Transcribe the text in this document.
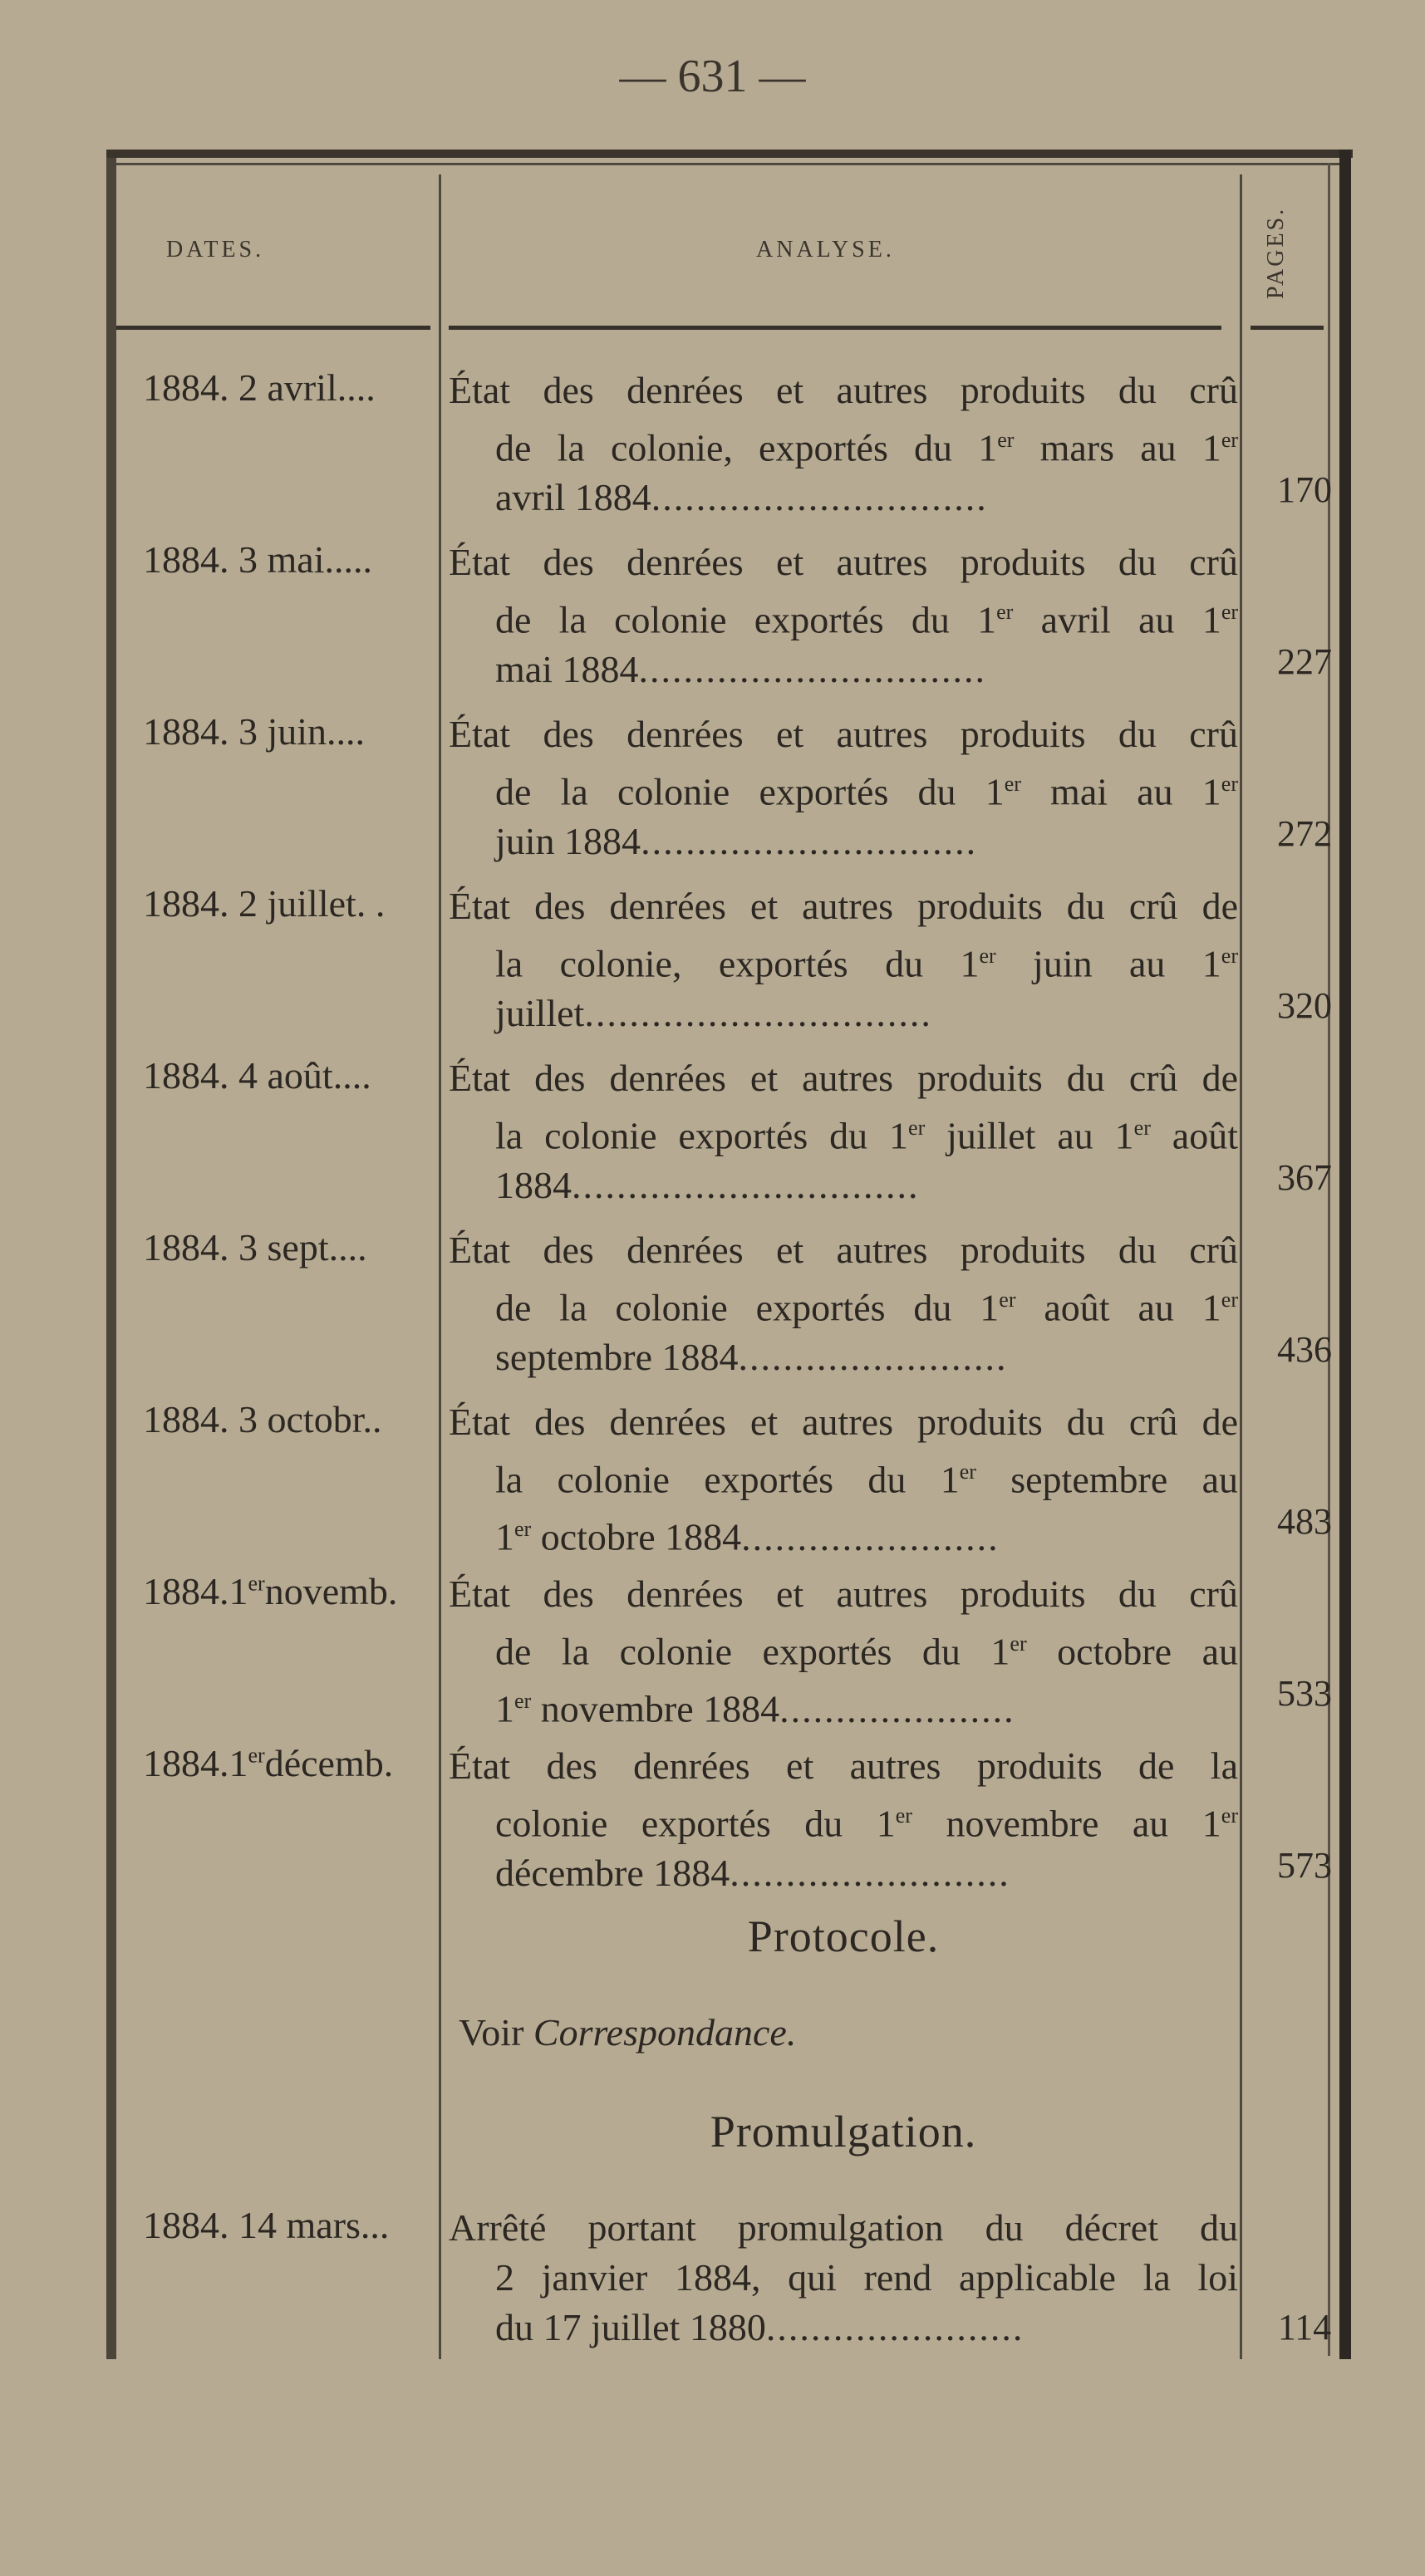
— 631 —
DATES.	ANALYSE.	PAGES.
1884. 2 avril.... État des denrées et autres produits du crû
de la colonie, exportés du 1er mars au 1er
avril 1884..............................	170
1884. 3 mai..... État des denrées et autres produits du crû
de la colonie exportés du 1er avril au 1er
mai 1884...............................	227
1884. 3 juin.... État des denrées et autres produits du crû
de la colonie exportés du 1er mai au 1er
juin 1884..............................	272
1884. 2 juillet. . État des denrées et autres produits du crû de
la colonie, exportés du 1er juin au 1er
juillet...............................	320
1884. 4 août.... État des denrées et autres produits du crû de
la colonie exportés du 1er juillet au 1er août
1884...............................	367
1884. 3 sept.... État des denrées et autres produits du crû
de la colonie exportés du 1er août au 1er
septembre 1884........................	436
1884. 3 octobr.. État des denrées et autres produits du crû de
la colonie exportés du 1er septembre au
1er octobre 1884.......................	483
1884.1ernovemb. État des denrées et autres produits du crû
de la colonie exportés du 1er octobre au
1er novembre 1884.....................	533
1884.1erdécemb. État des denrées et autres produits de la
colonie exportés du 1er novembre au 1er
décembre 1884.........................	573
Protocole.
Voir Correspondance.
Promulgation.
1884. 14 mars... Arrêté portant promulgation du décret du
2 janvier 1884, qui rend applicable la loi
du 17 juillet 1880.......................	114
